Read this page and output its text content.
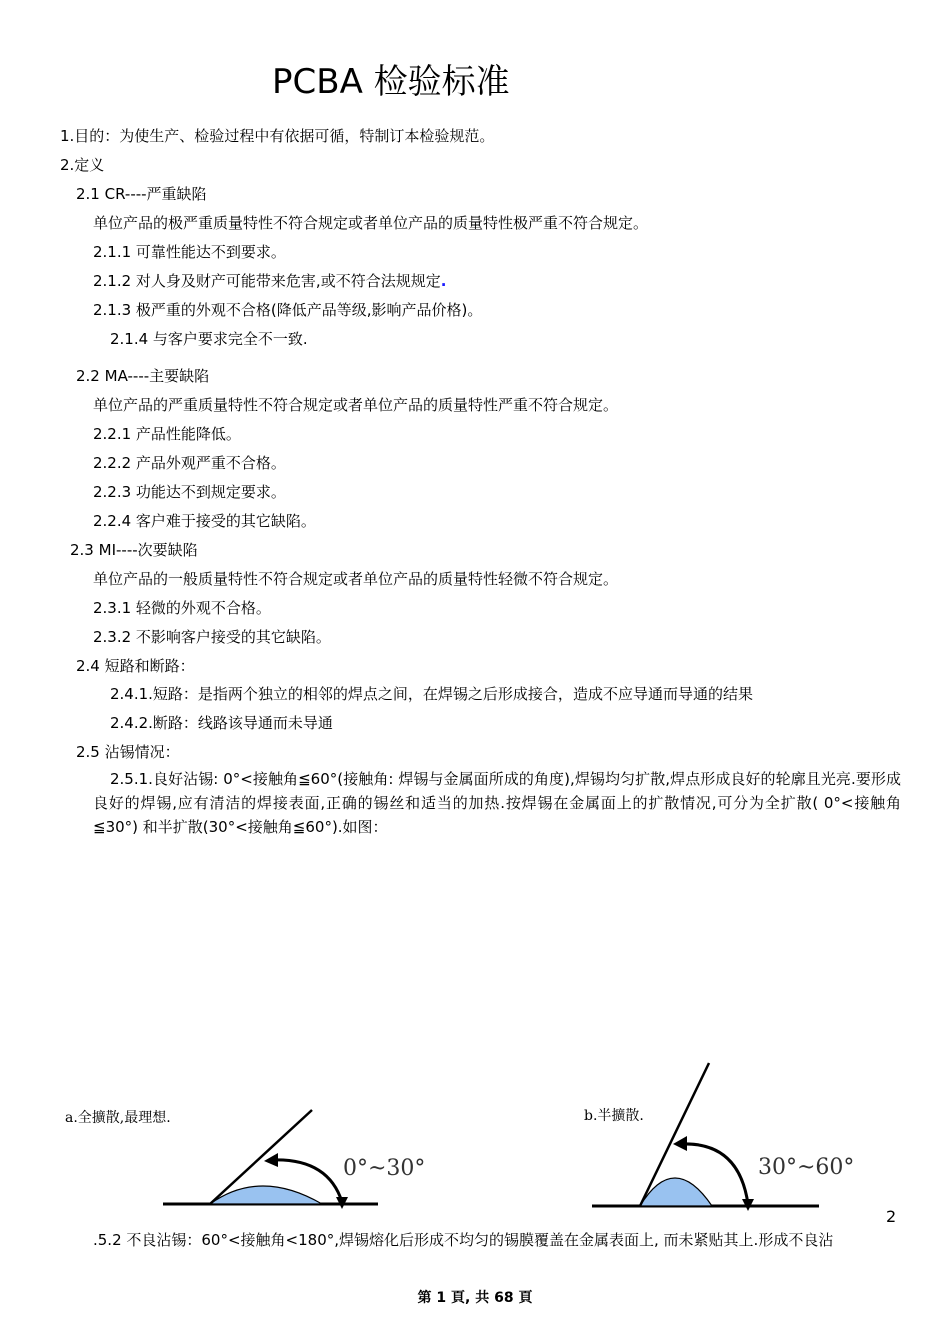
PCBA 检验标准
1.目的：为使生产、检验过程中有依据可循，特制订本检验规范。
2.定义
2.1 CR----严重缺陷
单位产品的极严重质量特性不符合规定或者单位产品的质量特性极严重不符合规定。
2.1.1 可靠性能达不到要求。
2.1.2 对人身及财产可能带来危害,或不符合法规规定.
2.1.3 极严重的外观不合格(降低产品等级,影响产品价格)。
2.1.4 与客户要求完全不一致.
2.2 MA----主要缺陷
单位产品的严重质量特性不符合规定或者单位产品的质量特性严重不符合规定。
2.2.1 产品性能降低。
2.2.2 产品外观严重不合格。
2.2.3 功能达不到规定要求。
2.2.4 客户难于接受的其它缺陷。
2.3 MI----次要缺陷
单位产品的一般质量特性不符合规定或者单位产品的质量特性轻微不符合规定。
2.3.1 轻微的外观不合格。
2.3.2 不影响客户接受的其它缺陷。
2.4 短路和断路：
2.4.1.短路：是指两个独立的相邻的焊点之间，在焊锡之后形成接合，造成不应导通而导通的结果
2.4.2.断路：线路该导通而未导通
2.5 沾锡情况：
2.5.1.良好沾锡: 0°<接触角≦60°(接触角: 焊锡与金属面所成的角度),焊锡均匀扩散,焊点形成良好的轮廓且光亮.要形成良好的焊锡,应有清洁的焊接表面,正确的锡丝和适当的加热.按焊锡在金属面上的扩散情况,可分为全扩散( 0°<接触角≦30°) 和半扩散(30°<接触角≦60°).如图：
a.全擴散,最理想.
0°~30°
b.半擴散.
30°~60°
2
.5.2 不良沾锡：60°<接触角<180°,焊锡熔化后形成不均匀的锡膜覆盖在金属表面上, 而未紧贴其上.形成不良沾
第 1 頁, 共 68 頁
